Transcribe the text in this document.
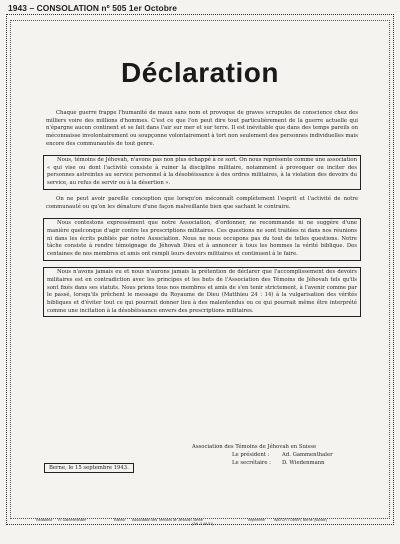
1943 – CONSOLATION nº 505 1er Octobre
Déclaration

Chaque guerre frappe l'humanité de maux sans nom et provoque de graves scrupules de conscience chez des milliers voire des millions d'hommes. C'est ce que l'on peut dire tout particulièrement de la guerre actuelle qui n'épargne aucun continent et se fait dans l'air sur mer et sur terre. Il est inévitable que dans des temps pareils on méconnaisse involontairement ou soupçonne volontairement à tort non seulement des personnes individuelles mais encore des communautés de tout genre.

Nous, témoins de Jéhovah, n'avons pas non plus échappé à ce sort. On nous représente comme une association « qui vise ou dont l'activité consiste à ruiner la discipline militaire, notamment à provoquer ou inciter des personnes astreintes au service personnel à la désobéissance à des ordres militaires, à la violation des devoirs du service, au refus de servir ou à la désertion ».

On ne peut avoir pareille conception que lorsqu'on méconnaît complètement l'esprit et l'activité de notre communauté ou qu'on les dénature d'une façon malveillante bien que sachant le contraire.

Nous contestons expressément que notre Association, d'ordonner, ne recommande ni ne suggère d'une manière quelconque d'agir contre les prescriptions militaires. Ces questions ne sont traitées ni dans nos réunions ni dans les écrits publiés par notre Association. Nous ne nous occupons pas du tout de telles questions. Notre tâche consiste à rendre témoignage de Jéhovah Dieu et à annoncer à tous les hommes la vérité biblique. Des centaines de nos membres et amis ont rempli leurs devoirs militaires et continuent à le faire.

Nous n'avons jamais eu et nous n'aurons jamais la prétention de déclarer que l'accomplissement des devoirs militaires est en contradiction avec les principes et les buts de l'Association des Témoins de Jéhovah tels qu'ils sont fixés dans ses statuts. Nous prions tous nos membres et amis de s'en tenir strictement, à l'avenir comme par le passé, lorsqu'ils prêchent le message du Royaume de Dieu (Matthieu 24 : 14) à la vulgarisation des vérités bibliques et d'éviter tout ce qui pourrait donner lieu à des malentendus ou ce qui pourrait même être interprété comme une incitation à la désobéissance envers des prescriptions militaires.

Association des Témoins de Jéhovah en Suisse
Le président :	Ad. Gammenthaler
Le secrétaire :	D. Wiedenmann
Berne, le 15 septembre 1943.
Rédacteur H. Gammenthaler	Éditeur Association des Témoins de Jéhovah, Berne
(Tél. 2 49 51)
Imprimerie	WATCH TOWER, Berne (Suisse)
